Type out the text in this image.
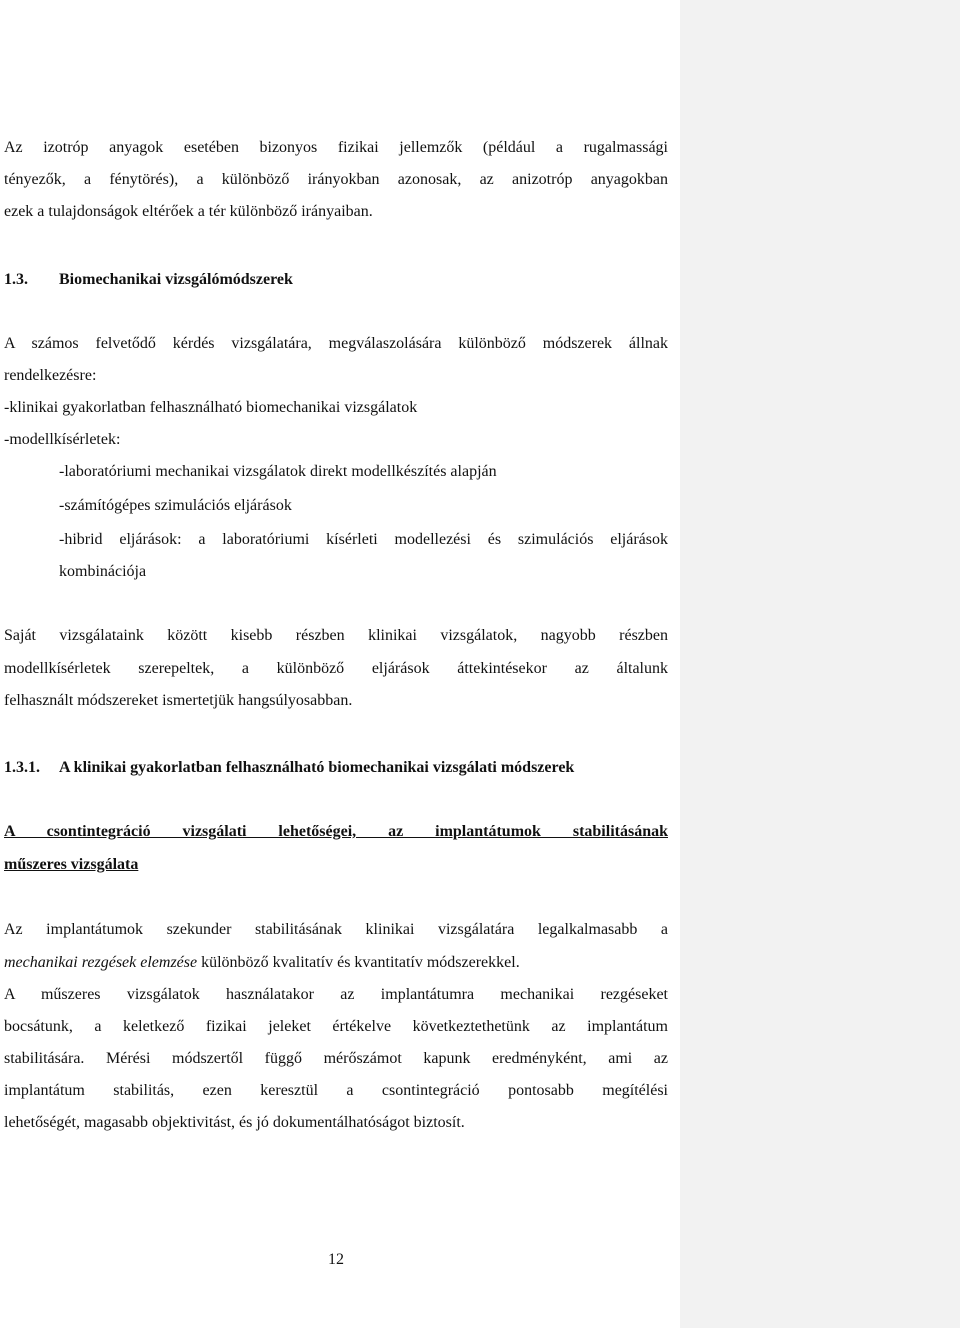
Az izotróp anyagok esetében bizonyos fizikai jellemzők (például a rugalmassági
tényezők, a fénytörés), a különböző irányokban azonosak, az anizotróp anyagokban
ezek a tulajdonságok eltérőek a tér különböző irányaiban.
1.3. Biomechanikai vizsgálómódszerek
A számos felvetődő kérdés vizsgálatára, megválaszolására különböző módszerek állnak
rendelkezésre:
-klinikai gyakorlatban felhasználható biomechanikai vizsgálatok
-modellkísérletek:
-laboratóriumi mechanikai vizsgálatok direkt modellkészítés alapján
-számítógépes szimulációs eljárások
-hibrid eljárások: a laboratóriumi kísérleti modellezési és szimulációs eljárások
kombinációja
Saját vizsgálataink között kisebb részben klinikai vizsgálatok, nagyobb részben
modellkísérletek szerepeltek, a különböző eljárások áttekintésekor az általunk
felhasznált módszereket ismertetjük hangsúlyosabban.
1.3.1. A klinikai gyakorlatban felhasználható biomechanikai vizsgálati módszerek
A csontintegráció vizsgálati lehetőségei, az implantátumok stabilitásának
műszeres vizsgálata
Az implantátumok szekunder stabilitásának klinikai vizsgálatára legalkalmasabb a
mechanikai rezgések elemzése különböző kvalitatív és kvantitatív módszerekkel.
A műszeres vizsgálatok használatakor az implantátumra mechanikai rezgéseket
bocsátunk, a keletkező fizikai jeleket értékelve következtethetünk az implantátum
stabilitására. Mérési módszertől függő mérőszámot kapunk eredményként, ami az
implantátum stabilitás, ezen keresztül a csontintegráció pontosabb megítélési
lehetőségét, magasabb objektivitást, és jó dokumentálhatóságot biztosít.
12
